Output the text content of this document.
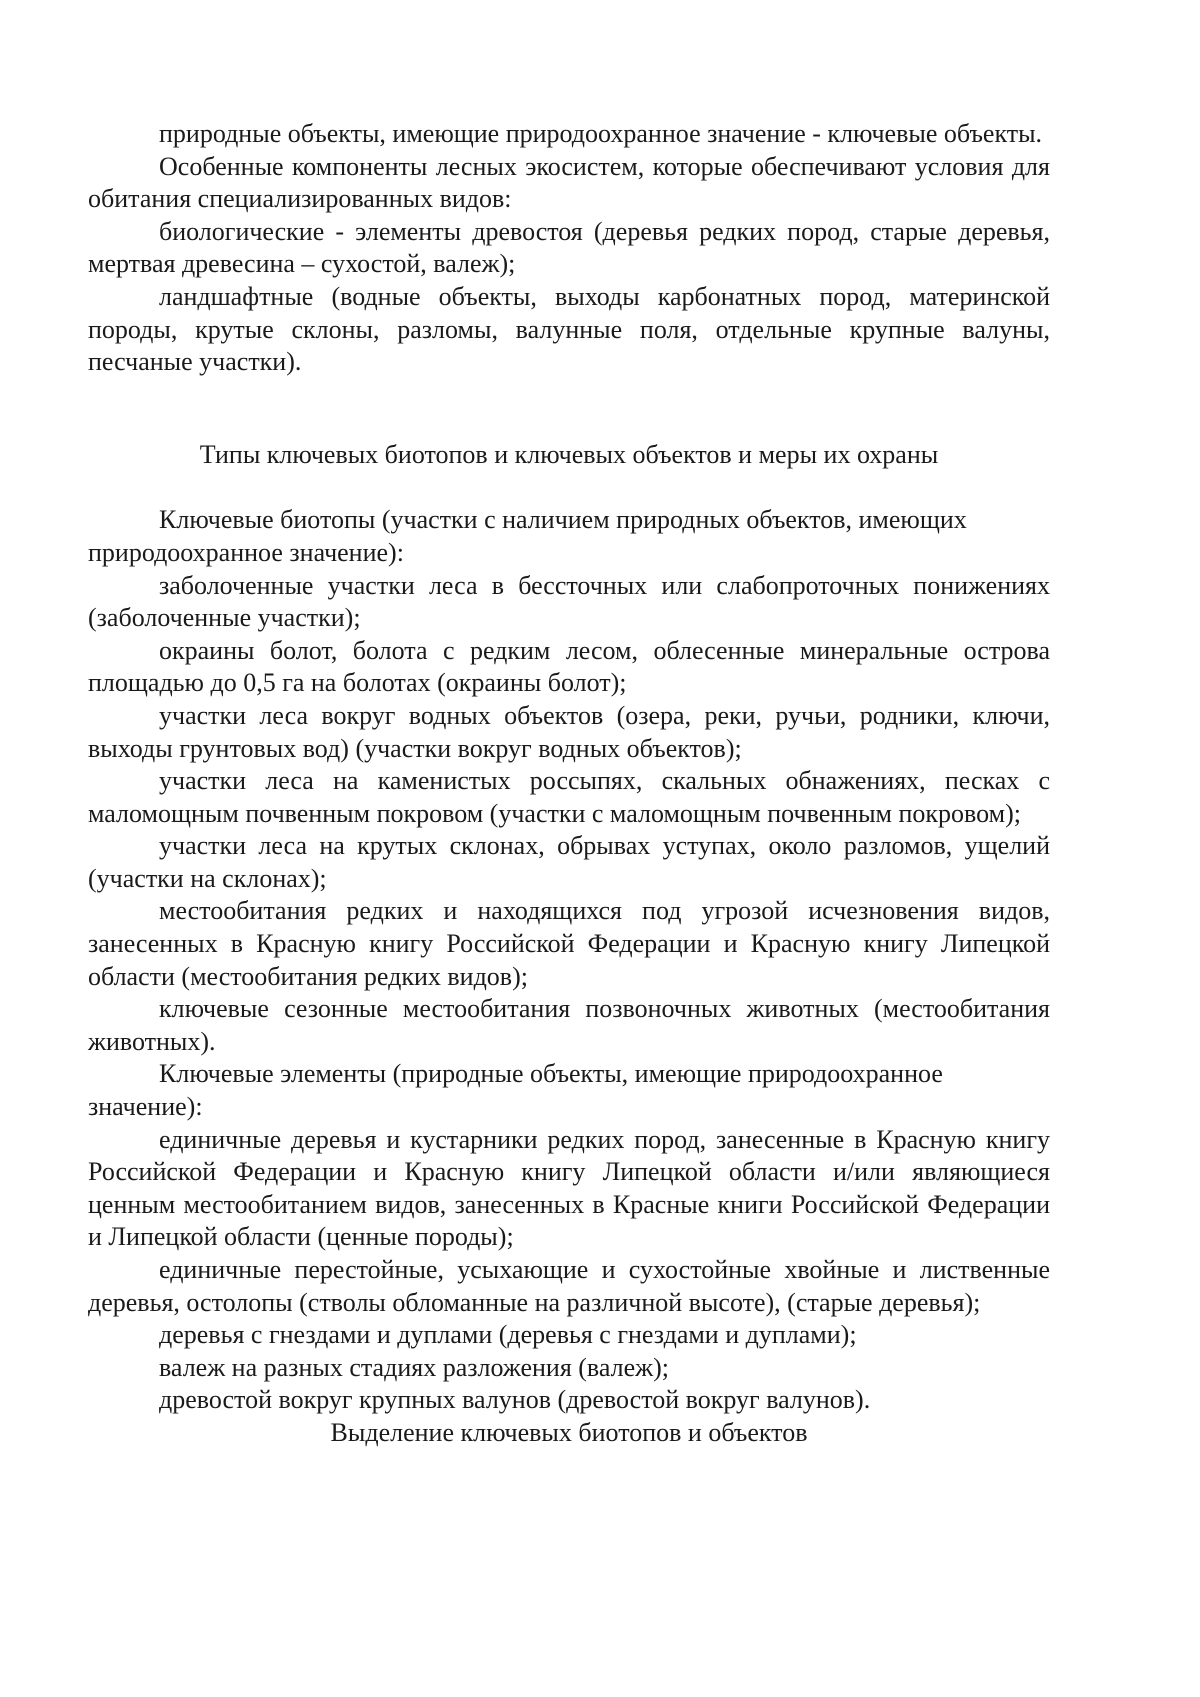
природные объекты, имеющие природоохранное значение - ключевые объекты.

Особенные компоненты лесных экосистем, которые обеспечивают условия для обитания специализированных видов:

биологические - элементы древостоя (деревья редких пород, старые деревья, мертвая древесина – сухостой, валеж);

ландшафтные (водные объекты, выходы карбонатных пород, материнской породы, крутые склоны, разломы, валунные поля, отдельные крупные валуны, песчаные участки).

Типы ключевых биотопов и ключевых объектов и меры их охраны

Ключевые биотопы (участки с наличием природных объектов, имеющих природоохранное значение):

заболоченные участки леса в бессточных или слабопроточных понижениях (заболоченные участки);

окраины болот, болота с редким лесом, облесенные минеральные острова площадью до 0,5 га на болотах (окраины болот);

участки леса вокруг водных объектов (озера, реки, ручьи, родники, ключи, выходы грунтовых вод) (участки вокруг водных объектов);

участки леса на каменистых россыпях, скальных обнажениях, песках с маломощным почвенным покровом (участки с маломощным почвенным покровом);

участки леса на крутых склонах, обрывах уступах, около разломов, ущелий (участки на склонах);

местообитания редких и находящихся под угрозой исчезновения видов, занесенных в Красную книгу Российской Федерации и Красную книгу Липецкой области (местообитания редких видов);

ключевые сезонные местообитания позвоночных животных (местообитания животных).

Ключевые элементы (природные объекты, имеющие природоохранное значение):

единичные деревья и кустарники редких пород, занесенные в Красную книгу Российской Федерации и Красную книгу Липецкой области и/или являющиеся ценным местообитанием видов, занесенных в Красные книги Российской Федерации и Липецкой области (ценные породы);

единичные перестойные, усыхающие и сухостойные хвойные и лиственные деревья, остолопы (стволы обломанные на различной высоте), (старые деревья);

деревья с гнездами и дуплами (деревья с гнездами и дуплами);

валеж на разных стадиях разложения (валеж);

древостой вокруг крупных валунов (древостой вокруг валунов).

Выделение ключевых биотопов и объектов
